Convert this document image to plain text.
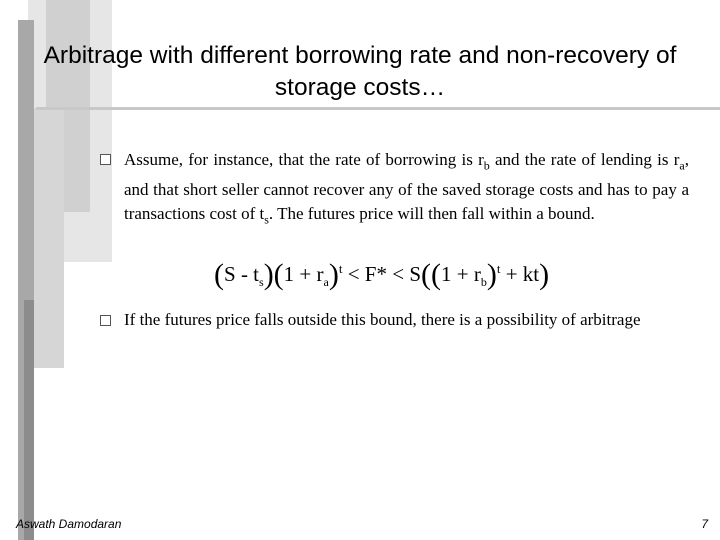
Arbitrage with different borrowing rate and non-recovery of storage costs…
Assume, for instance, that the rate of borrowing is $r_b$ and the rate of lending is $r_a$, and that short seller cannot recover any of the saved storage costs and has to pay a transactions cost of $t_s$. The futures price will then fall within a bound.
$(S - t_s)(1 + r_a)^t < F* < S((1 + r_b)^t + kt)$
If the futures price falls outside this bound, there is a possibility of arbitrage
Aswath Damodaran	7
